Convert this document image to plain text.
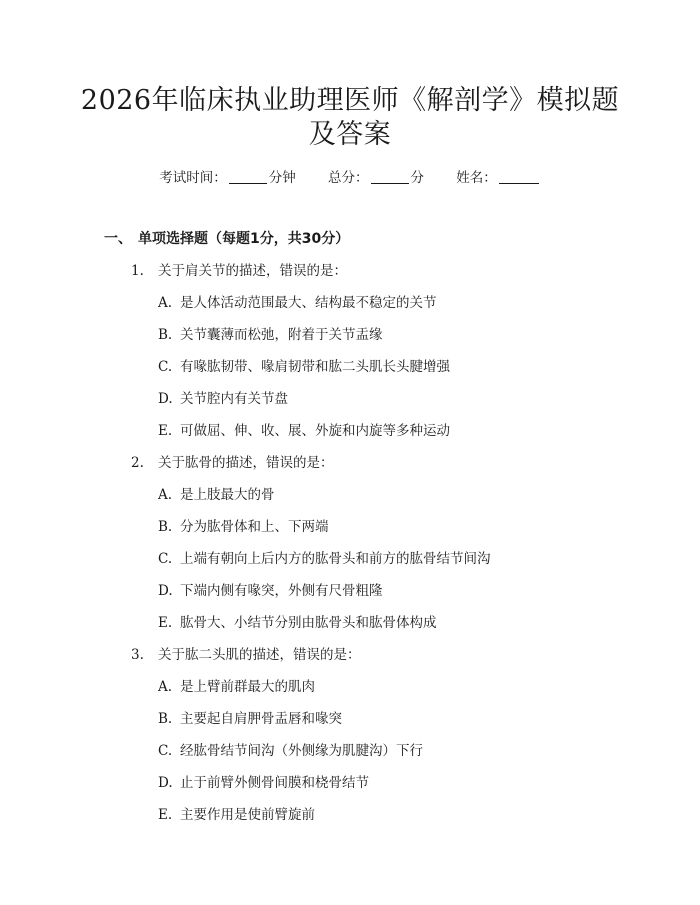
2026年临床执业助理医师《解剖学》模拟题
及答案
考试时间：	分钟 总分：	分 姓名：
一、 单项选择题（每题1分，共30分）
1. 关于肩关节的描述，错误的是：
A. 是人体活动范围最大、结构最不稳定的关节
B. 关节囊薄而松弛，附着于关节盂缘
C. 有喙肱韧带、喙肩韧带和肱二头肌长头腱增强
D. 关节腔内有关节盘
E. 可做屈、伸、收、展、外旋和内旋等多种运动
2. 关于肱骨的描述，错误的是：
A. 是上肢最大的骨
B. 分为肱骨体和上、下两端
C. 上端有朝向上后内方的肱骨头和前方的肱骨结节间沟
D. 下端内侧有喙突，外侧有尺骨粗隆
E. 肱骨大、小结节分别由肱骨头和肱骨体构成
3. 关于肱二头肌的描述，错误的是：
A. 是上臂前群最大的肌肉
B. 主要起自肩胛骨盂唇和喙突
C. 经肱骨结节间沟（外侧缘为肌腱沟）下行
D. 止于前臂外侧骨间膜和桡骨结节
E. 主要作用是使前臂旋前
